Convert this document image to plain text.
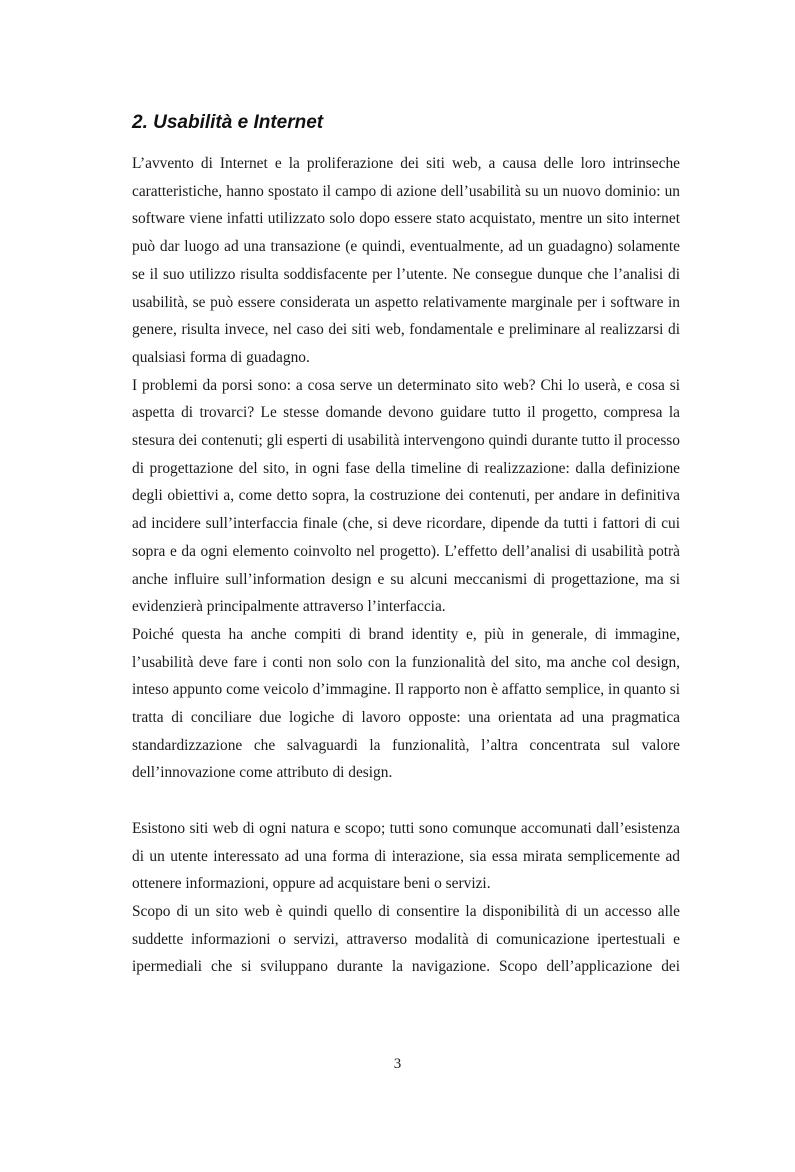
2. Usabilità e Internet

L’avvento di Internet e la proliferazione dei siti web, a causa delle loro intrinseche caratteristiche, hanno spostato il campo di azione dell’usabilità su un nuovo dominio: un software viene infatti utilizzato solo dopo essere stato acquistato, mentre un sito internet può dar luogo ad una transazione (e quindi, eventualmente, ad un guadagno) solamente se il suo utilizzo risulta soddisfacente per l’utente. Ne consegue dunque che l’analisi di usabilità, se può essere considerata un aspetto relativamente marginale per i software in genere, risulta invece, nel caso dei siti web, fondamentale e preliminare al realizzarsi di qualsiasi forma di guadagno.

I problemi da porsi sono: a cosa serve un determinato sito web? Chi lo userà, e cosa si aspetta di trovarci? Le stesse domande devono guidare tutto il progetto, compresa la stesura dei contenuti; gli esperti di usabilità intervengono quindi durante tutto il processo di progettazione del sito, in ogni fase della timeline di realizzazione: dalla definizione degli obiettivi a, come detto sopra, la costruzione dei contenuti, per andare in definitiva ad incidere sull’interfaccia finale (che, si deve ricordare, dipende da tutti i fattori di cui sopra e da ogni elemento coinvolto nel progetto). L’effetto dell’analisi di usabilità potrà anche influire sull’information design e su alcuni meccanismi di progettazione, ma si evidenzierà principalmente attraverso l’interfaccia.

Poiché questa ha anche compiti di brand identity e, più in generale, di immagine, l’usabilità deve fare i conti non solo con la funzionalità del sito, ma anche col design, inteso appunto come veicolo d’immagine. Il rapporto non è affatto semplice, in quanto si tratta di conciliare due logiche di lavoro opposte: una orientata ad una pragmatica standardizzazione che salvaguardi la funzionalità, l’altra concentrata sul valore dell’innovazione come attributo di design.

Esistono siti web di ogni natura e scopo; tutti sono comunque accomunati dall’esistenza di un utente interessato ad una forma di interazione, sia essa mirata semplicemente ad ottenere informazioni, oppure ad acquistare beni o servizi.

Scopo di un sito web è quindi quello di consentire la disponibilità di un accesso alle suddette informazioni o servizi, attraverso modalità di comunicazione ipertestuali e ipermediali che si sviluppano durante la navigazione. Scopo dell’applicazione dei

3
